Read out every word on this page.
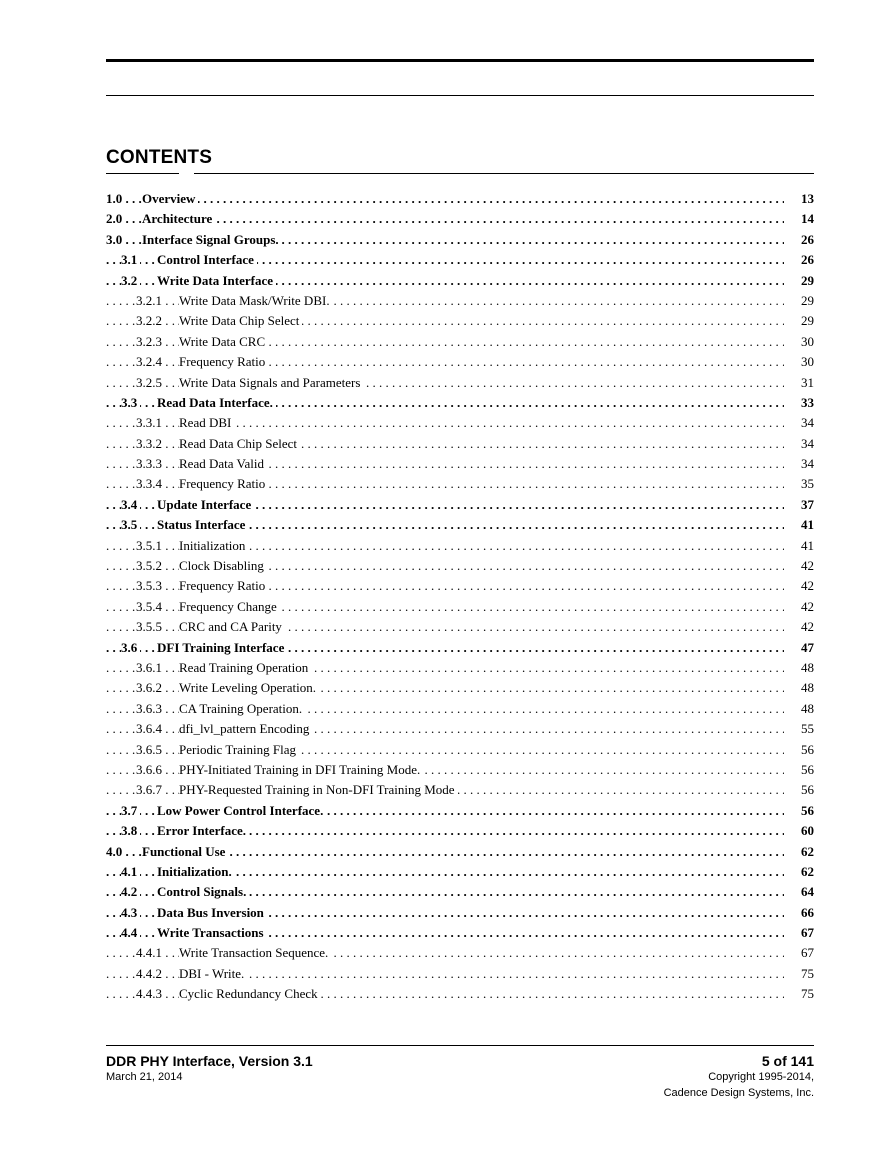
CONTENTS
. . .
1.0 Overview	13
. . .
2.0 Architecture	14
. . .
3.0 Interface Signal Groups.	26
. . .
3.1 Control Interface	26
. . .
3.2 Write Data Interface	29
. . .
3.2.1 . . Write Data Mask/Write DBI.	29
. . .
3.2.2 . . Write Data Chip Select	29
. . .
3.2.3 . . Write Data CRC	30
. . .
3.2.4 . . Frequency Ratio	30
. . .
3.2.5 . . Write Data Signals and Parameters	31
. . .
3.3 Read Data Interface.	33
. . .
3.3.1 . . Read DBI	34
. . .
3.3.2 . . Read Data Chip Select	34
. . .
3.3.3 . . Read Data Valid	34
. . .
3.3.4 . . Frequency Ratio	35
. . .
3.4 Update Interface	37
. . .
3.5 Status Interface	41
. . .
3.5.1 . . Initialization	41
. . .
3.5.2 . . Clock Disabling	42
. . .
3.5.3 . . Frequency Ratio	42
. . .
3.5.4 . . Frequency Change	42
. . .
3.5.5 . . CRC and CA Parity	42
. . .
3.6 DFI Training Interface	47
. . .
3.6.1 . . Read Training Operation	48
. . .
3.6.2 . . Write Leveling Operation.	48
. . .
3.6.3 . . CA Training Operation.	48
. . .
3.6.4 . . dfi_lvl_pattern Encoding	55
. . .
3.6.5 . . Periodic Training Flag	56
. . .
3.6.6 . . PHY-Initiated Training in DFI Training Mode.	56
. . .
3.6.7 . . PHY-Requested Training in Non-DFI Training Mode	56
. . .
3.7 Low Power Control Interface.	56
. . .
3.8 Error Interface.	60
. . .
4.0 Functional Use	62
. . .
4.1 Initialization.	62
. . .
4.2 Control Signals.	64
. . .
4.3 Data Bus Inversion	66
. . .
4.4 Write Transactions	67
. . .
4.4.1 . . Write Transaction Sequence.	67
. . .
4.4.2 . . DBI - Write.	75
. . .
4.4.3 . . Cyclic Redundancy Check	75
DDR PHY Interface, Version 3.1
March 21, 2014
5 of 141
Copyright 1995-2014,
Cadence Design Systems, Inc.
